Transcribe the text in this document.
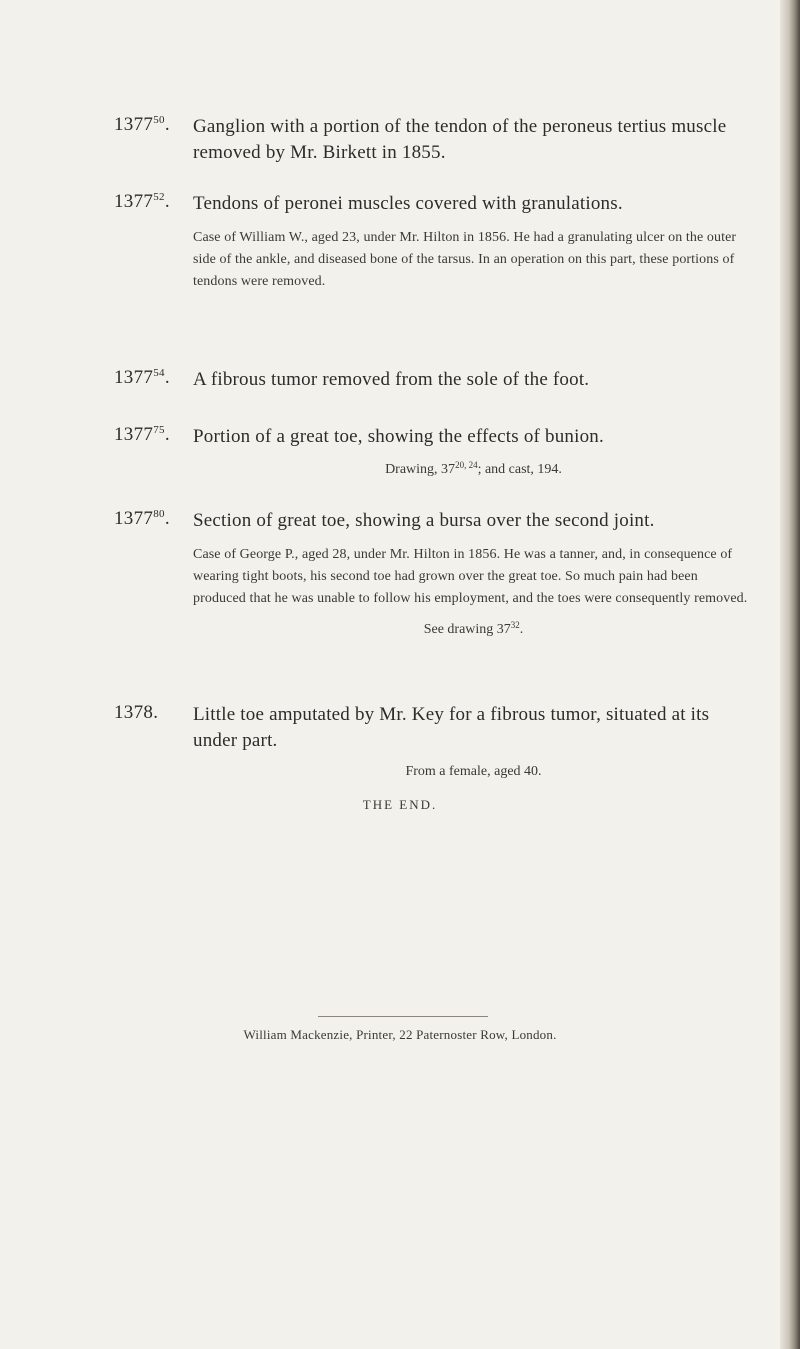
1377$^{50}$. Ganglion with a portion of the tendon of the peroneus tertius muscle removed by Mr. Birkett in 1855.
1377$^{52}$. Tendons of peronei muscles covered with granulations.
Case of William W., aged 23, under Mr. Hilton in 1856. He had a granulating ulcer on the outer side of the ankle, and diseased bone of the tarsus. In an operation on this part, these portions of tendons were removed.
1377$^{54}$. A fibrous tumor removed from the sole of the foot.
1377$^{75}$. Portion of a great toe, showing the effects of bunion.
Drawing, 37$^{20, 24}$; and cast, 194.
1377$^{80}$. Section of great toe, showing a bursa over the second joint.
Case of George P., aged 28, under Mr. Hilton in 1856. He was a tanner, and, in consequence of wearing tight boots, his second toe had grown over the great toe. So much pain had been produced that he was unable to follow his employment, and the toes were consequently removed.
See drawing $37^{32}$.
1378. Little toe amputated by Mr. Key for a fibrous tumor, situated at its under part.
From a female, aged 40.
THE END.
William Mackenzie, Printer, 22 Paternoster Row, London.
